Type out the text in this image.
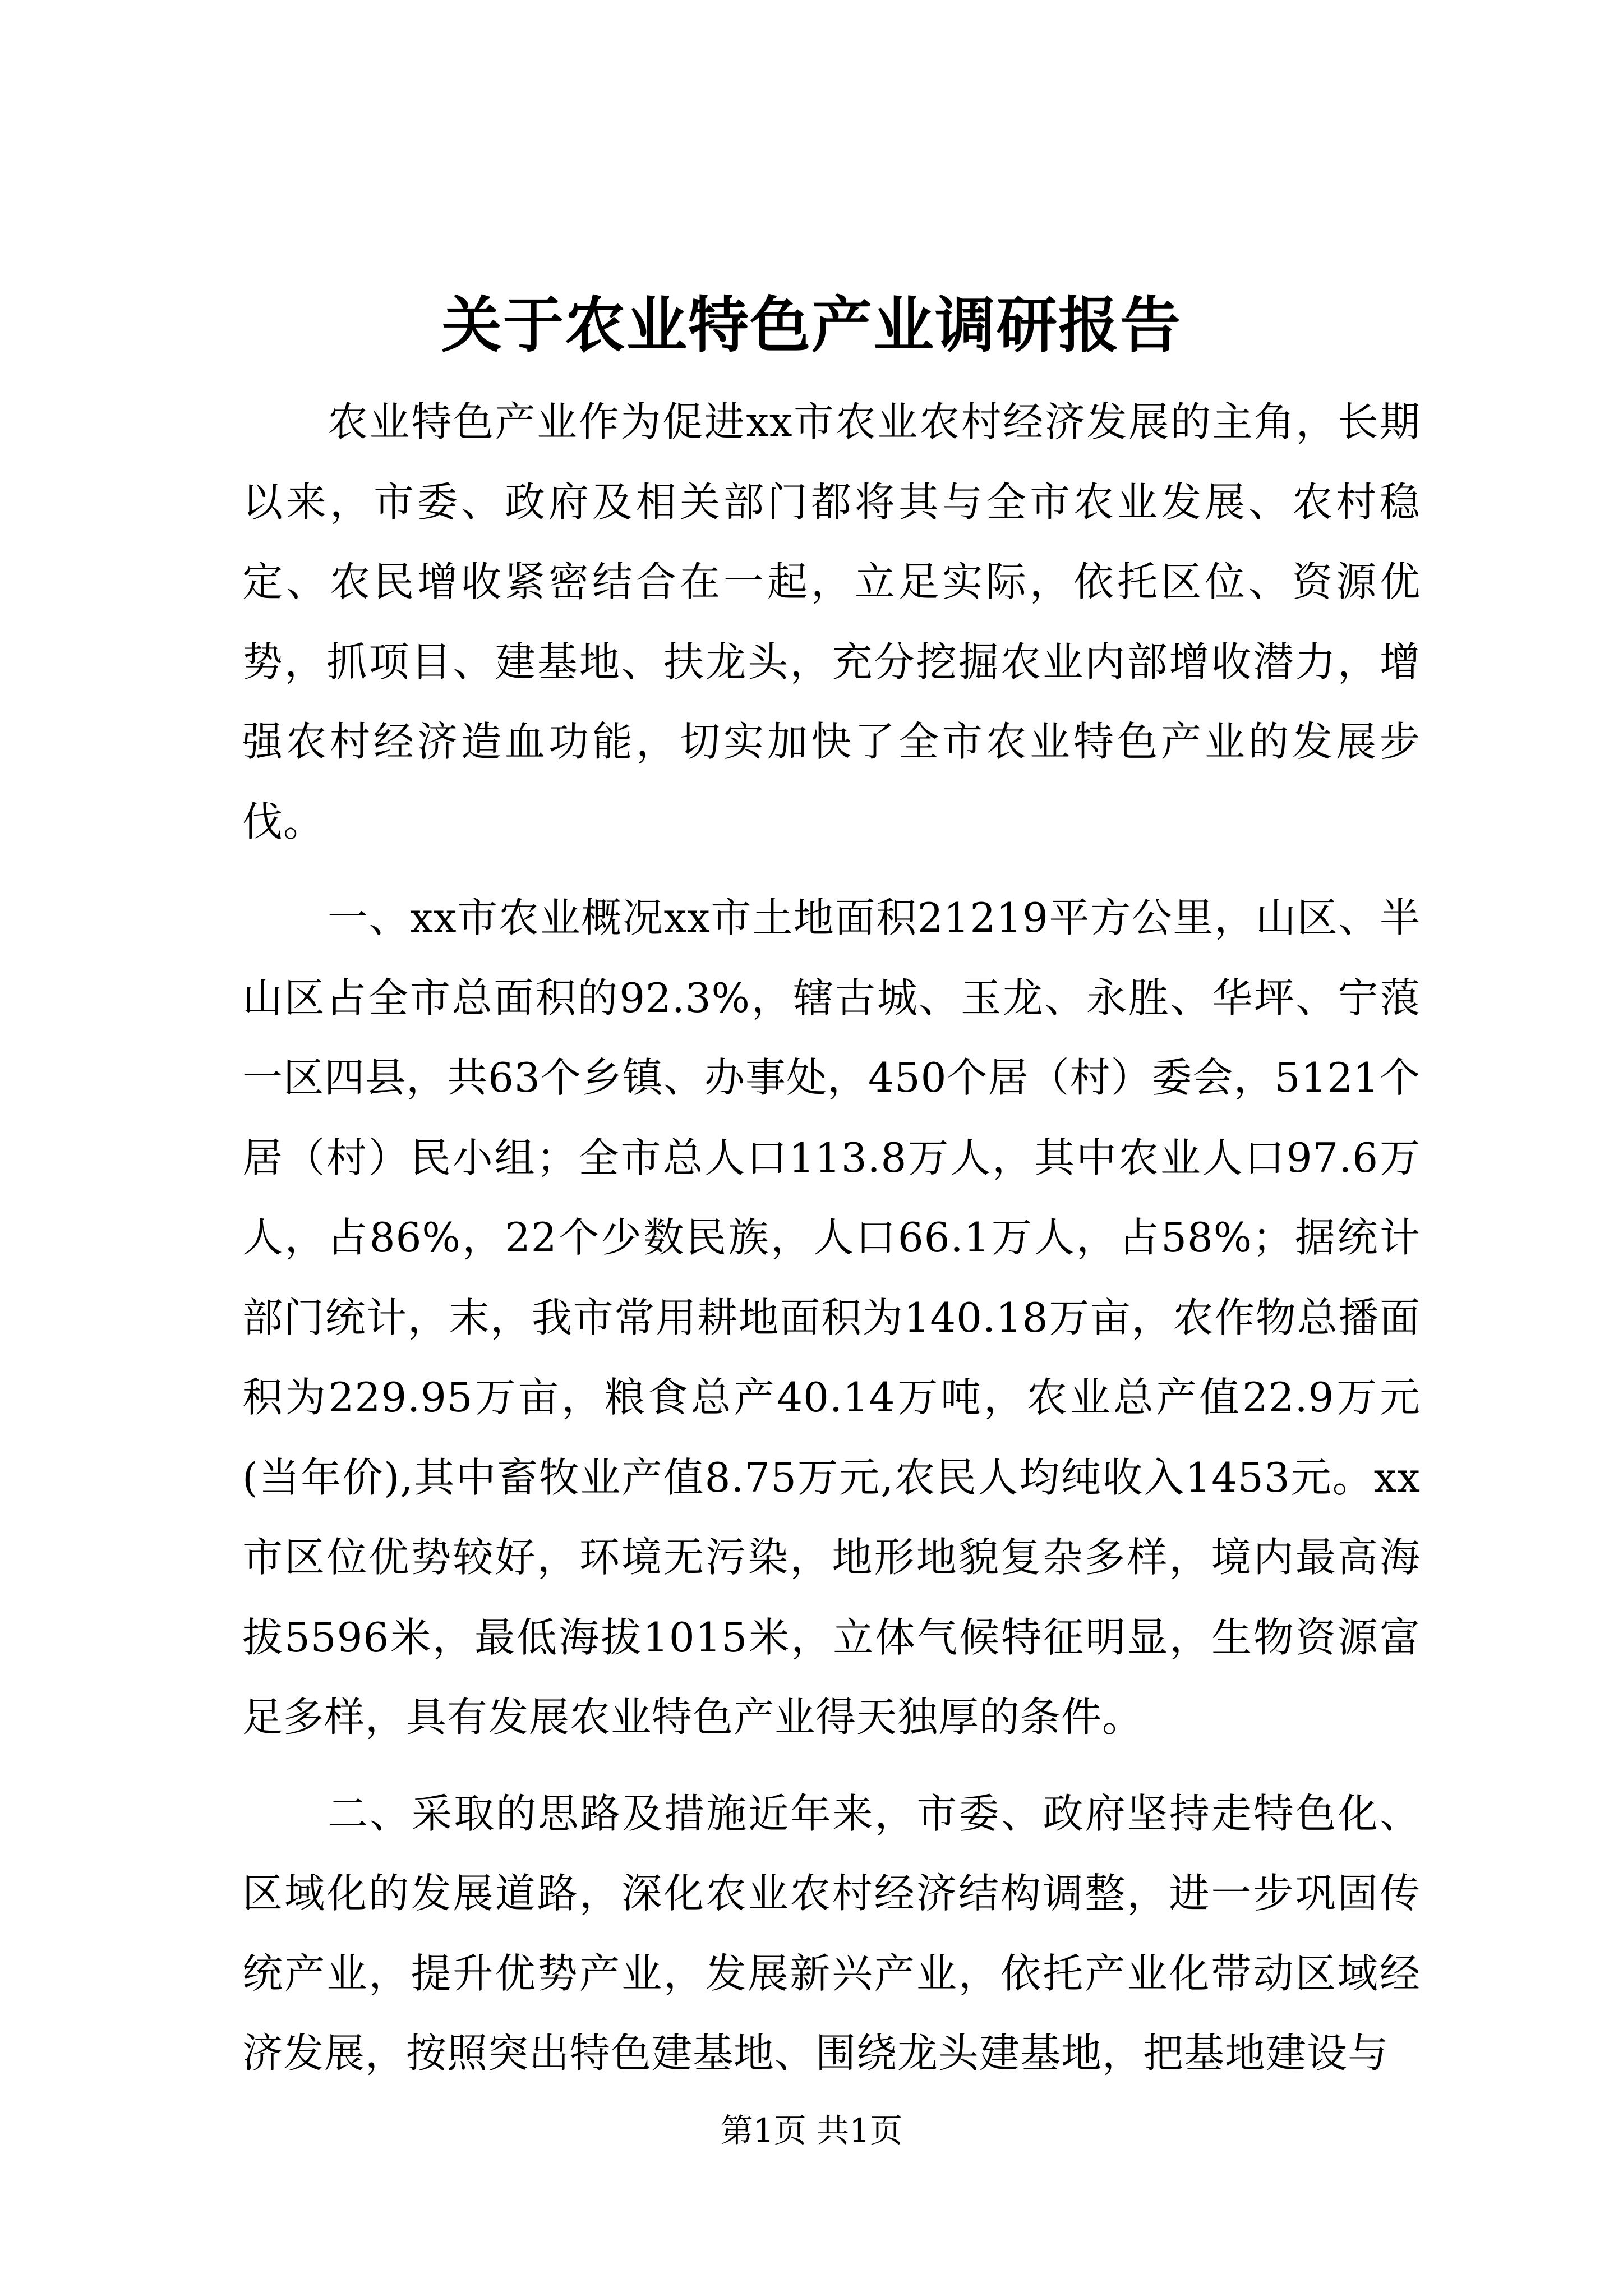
关于农业特色产业调研报告

农业特色产业作为促进xx市农业农村经济发展的主角，长期以来，市委、政府及相关部门都将其与全市农业发展、农村稳定、农民增收紧密结合在一起，立足实际，依托区位、资源优势，抓项目、建基地、扶龙头，充分挖掘农业内部增收潜力，增强农村经济造血功能，切实加快了全市农业特色产业的发展步伐。

一、xx市农业概况xx市土地面积21219平方公里，山区、半山区占全市总面积的92.3%，辖古城、玉龙、永胜、华坪、宁蒗一区四县，共63个乡镇、办事处，450个居（村）委会，5121个居（村）民小组；全市总人口113.8万人，其中农业人口97.6万人，占86%，22个少数民族，人口66.1万人，占58%；据统计部门统计，末，我市常用耕地面积为140.18万亩，农作物总播面积为229.95万亩，粮食总产40.14万吨，农业总产值22.9万元(当年价),其中畜牧业产值8.75万元,农民人均纯收入1453元。xx市区位优势较好，环境无污染，地形地貌复杂多样，境内最高海拔5596米，最低海拔1015米，立体气候特征明显，生物资源富足多样，具有发展农业特色产业得天独厚的条件。

二、采取的思路及措施近年来，市委、政府坚持走特色化、区域化的发展道路，深化农业农村经济结构调整，进一步巩固传统产业，提升优势产业，发展新兴产业，依托产业化带动区域经济发展，按照突出特色建基地、围绕龙头建基地，把基地建设与

第1页 共1页
